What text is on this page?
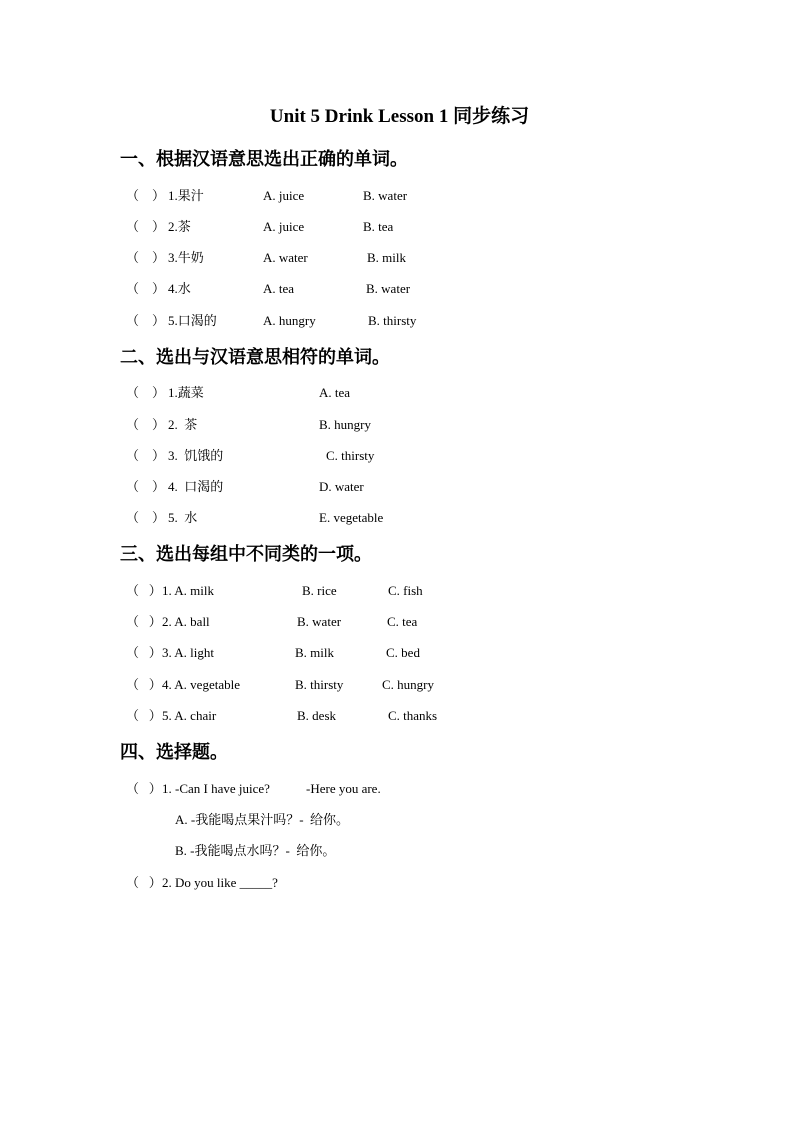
Unit 5 Drink Lesson 1 同步练习
一、根据汉语意思选出正确的单词。
（    ） 1.果汁	A. juice	B. water
（    ） 2.茶	A. juice	B. tea
（    ） 3.牛奶	A. water	B. milk
（    ） 4.水	A. tea	B. water
（    ） 5.口渴的	A. hungry	B. thirsty
二、选出与汉语意思相符的单词。
（    ） 1.蔬菜	A. tea
（    ） 2.  茶	B. hungry
（    ） 3.  饥饿的	C. thirsty
（    ） 4.  口渴的	D. water
（    ） 5.  水	E. vegetable
三、选出每组中不同类的一项。
（   ） 1. A. milk	B. rice	C. fish
（   ） 2. A. ball	B. water	C. tea
（   ） 3. A. light	B. milk	C. bed
（   ） 4. A. vegetable	B. thirsty	C. hungry
（   ） 5. A. chair	B. desk	C. thanks
四、选择题。
（   ） 1. -Can I have juice?	-Here you are.
A. -我能喝点果汁吗？-  给你。
B. -我能喝点水吗？-  给你。
（   ） 2. Do you like _____?
